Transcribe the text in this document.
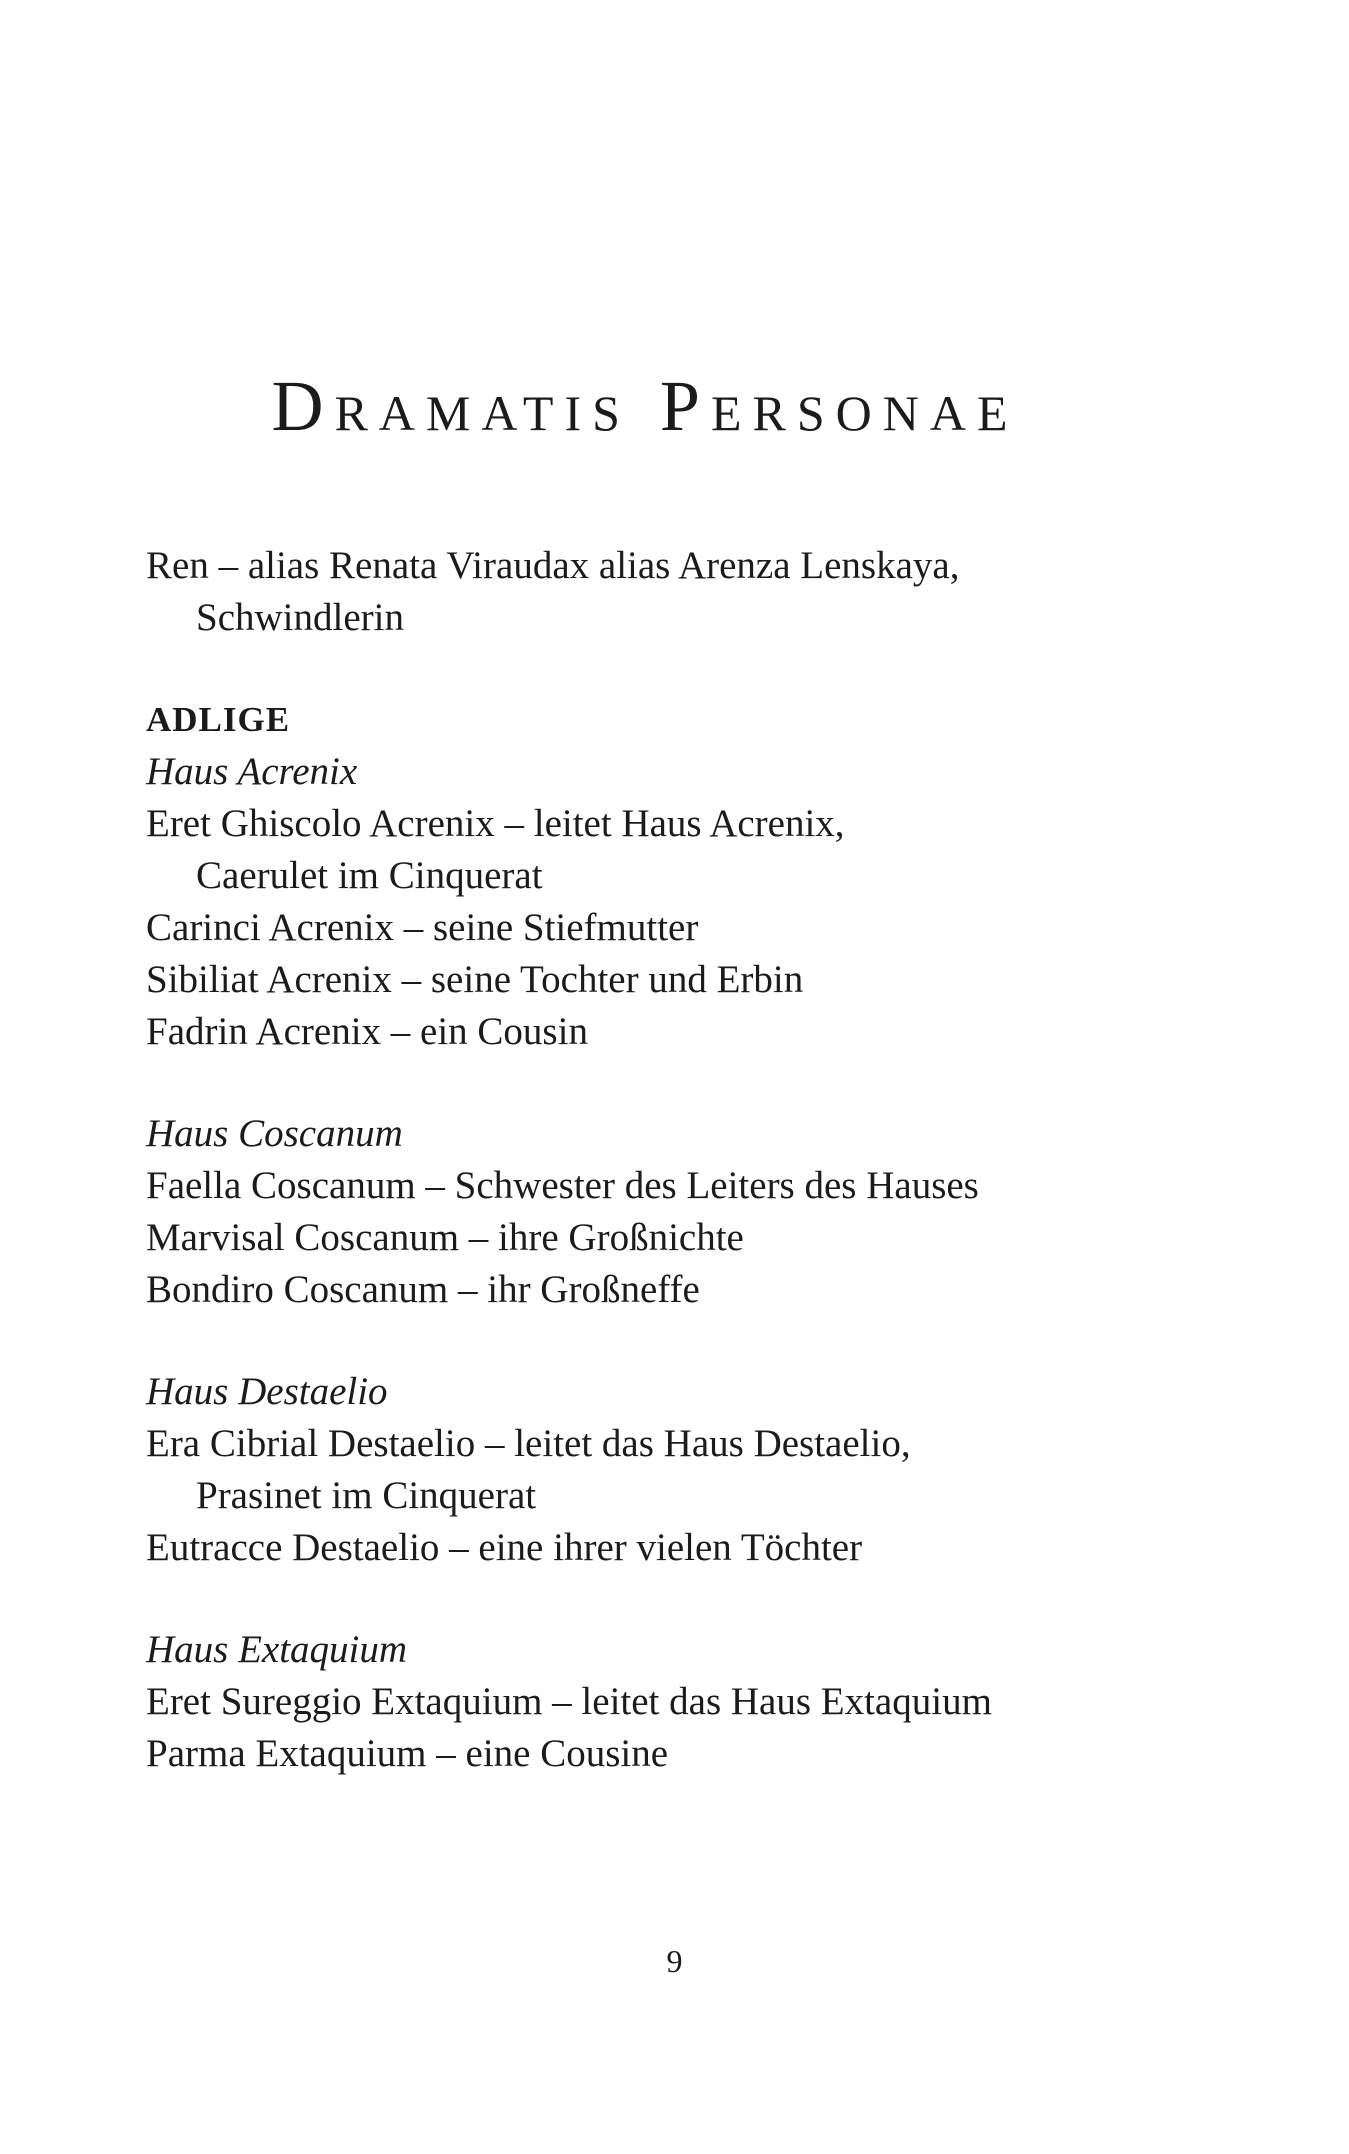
Dramatis Personae
Ren – alias Renata Viraudax alias Arenza Lenskaya,
Schwindlerin
ADLIGE
Haus Acrenix
Eret Ghiscolo Acrenix – leitet Haus Acrenix,
Caerulet im Cinquerat
Carinci Acrenix – seine Stiefmutter
Sibiliat Acrenix – seine Tochter und Erbin
Fadrin Acrenix – ein Cousin
Haus Coscanum
Faella Coscanum – Schwester des Leiters des Hauses
Marvisal Coscanum – ihre Großnichte
Bondiro Coscanum – ihr Großneffe
Haus Destaelio
Era Cibrial Destaelio – leitet das Haus Destaelio,
Prasinet im Cinquerat
Eutracce Destaelio – eine ihrer vielen Töchter
Haus Extaquium
Eret Sureggio Extaquium – leitet das Haus Extaquium
Parma Extaquium – eine Cousine
9
